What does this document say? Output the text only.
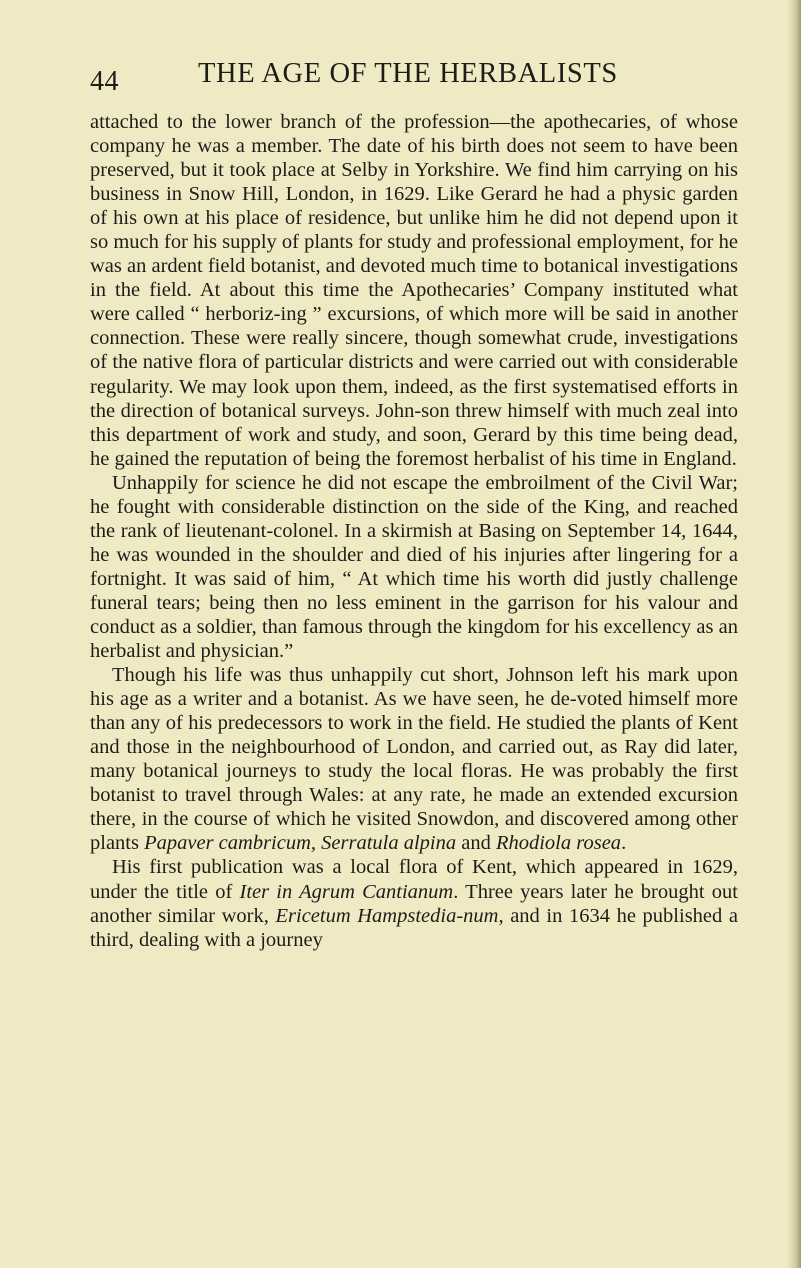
44	THE AGE OF THE HERBALISTS

attached to the lower branch of the profession—the apothecaries, of whose company he was a member. The date of his birth does not seem to have been preserved, but it took place at Selby in Yorkshire. We find him carrying on his business in Snow Hill, London, in 1629. Like Gerard he had a physic garden of his own at his place of residence, but unlike him he did not depend upon it so much for his supply of plants for study and professional employment, for he was an ardent field botanist, and devoted much time to botanical investigations in the field. At about this time the Apothecaries’ Company instituted what were called “ herboriz-ing ” excursions, of which more will be said in another connection. These were really sincere, though somewhat crude, investigations of the native flora of particular districts and were carried out with considerable regularity. We may look upon them, indeed, as the first systematised efforts in the direction of botanical surveys. John-son threw himself with much zeal into this department of work and study, and soon, Gerard by this time being dead, he gained the reputation of being the foremost herbalist of his time in England.

Unhappily for science he did not escape the embroilment of the Civil War; he fought with considerable distinction on the side of the King, and reached the rank of lieutenant-colonel. In a skirmish at Basing on September 14, 1644, he was wounded in the shoulder and died of his injuries after lingering for a fortnight. It was said of him, “ At which time his worth did justly challenge funeral tears; being then no less eminent in the garrison for his valour and conduct as a soldier, than famous through the kingdom for his excellency as an herbalist and physician.”

Though his life was thus unhappily cut short, Johnson left his mark upon his age as a writer and a botanist. As we have seen, he de-voted himself more than any of his predecessors to work in the field. He studied the plants of Kent and those in the neighbourhood of London, and carried out, as Ray did later, many botanical journeys to study the local floras. He was probably the first botanist to travel through Wales: at any rate, he made an extended excursion there, in the course of which he visited Snowdon, and discovered among other plants Papaver cambricum, Serratula alpina and Rhodiola rosea.

His first publication was a local flora of Kent, which appeared in 1629, under the title of Iter in Agrum Cantianum. Three years later he brought out another similar work, Ericetum Hampstedia-num, and in 1634 he published a third, dealing with a journey
